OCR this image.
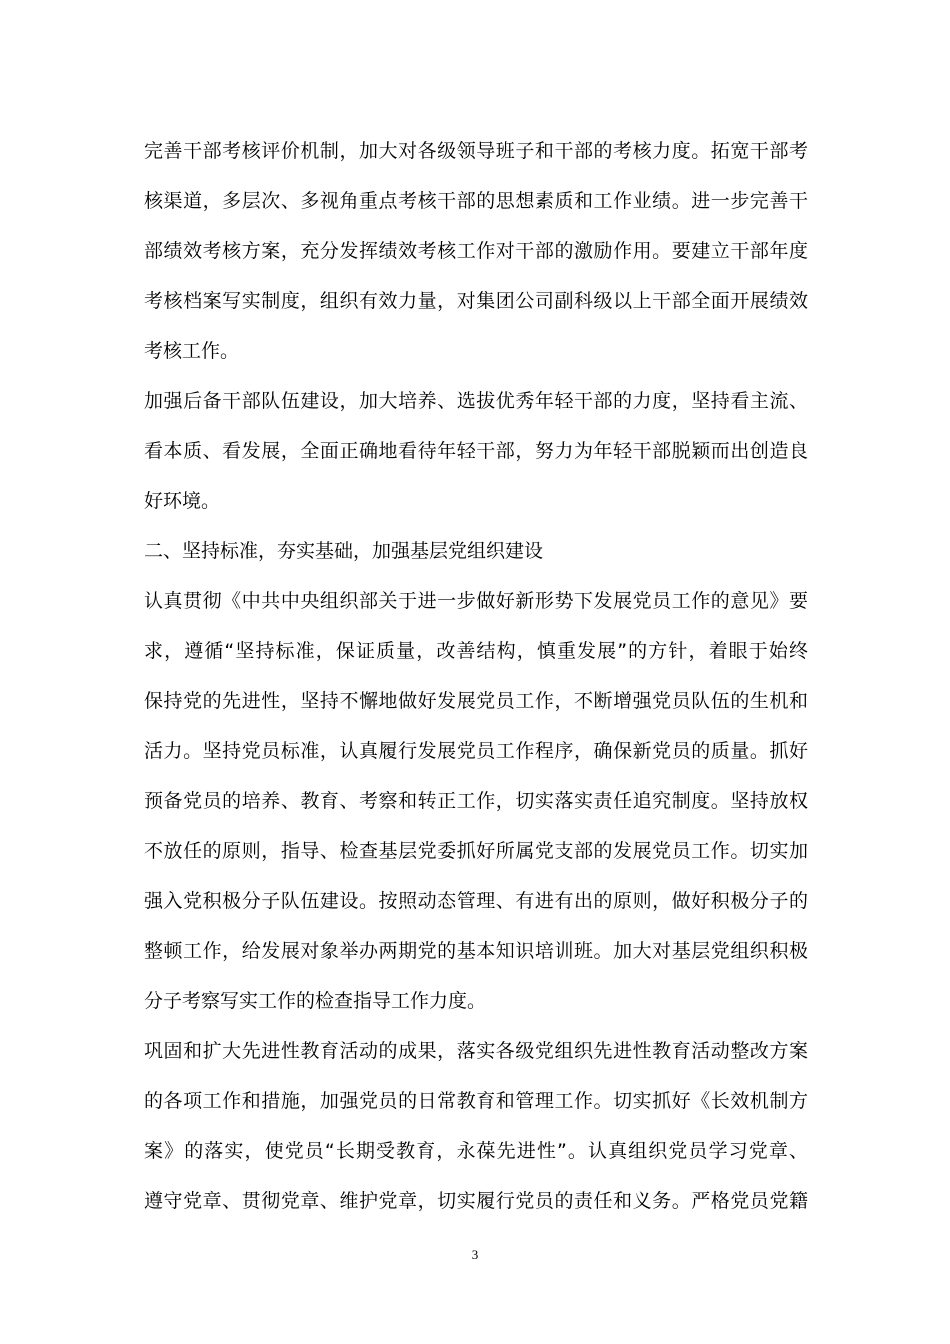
完善干部考核评价机制，加大对各级领导班子和干部的考核力度。拓宽干部考
核渠道，多层次、多视角重点考核干部的思想素质和工作业绩。进一步完善干
部绩效考核方案，充分发挥绩效考核工作对干部的激励作用。要建立干部年度
考核档案写实制度，组织有效力量，对集团公司副科级以上干部全面开展绩效
考核工作。
加强后备干部队伍建设，加大培养、选拔优秀年轻干部的力度，坚持看主流、
看本质、看发展，全面正确地看待年轻干部，努力为年轻干部脱颖而出创造良
好环境。
二、坚持标准，夯实基础，加强基层党组织建设
认真贯彻《中共中央组织部关于进一步做好新形势下发展党员工作的意见》要
求，遵循“坚持标准，保证质量，改善结构，慎重发展”的方针，着眼于始终
保持党的先进性，坚持不懈地做好发展党员工作，不断增强党员队伍的生机和
活力。坚持党员标准，认真履行发展党员工作程序，确保新党员的质量。抓好
预备党员的培养、教育、考察和转正工作，切实落实责任追究制度。坚持放权
不放任的原则，指导、检查基层党委抓好所属党支部的发展党员工作。切实加
强入党积极分子队伍建设。按照动态管理、有进有出的原则，做好积极分子的
整顿工作，给发展对象举办两期党的基本知识培训班。加大对基层党组织积极
分子考察写实工作的检查指导工作力度。
巩固和扩大先进性教育活动的成果，落实各级党组织先进性教育活动整改方案
的各项工作和措施，加强党员的日常教育和管理工作。切实抓好《长效机制方
案》的落实，使党员“长期受教育，永葆先进性”。认真组织党员学习党章、
遵守党章、贯彻党章、维护党章，切实履行党员的责任和义务。严格党员党籍
3
